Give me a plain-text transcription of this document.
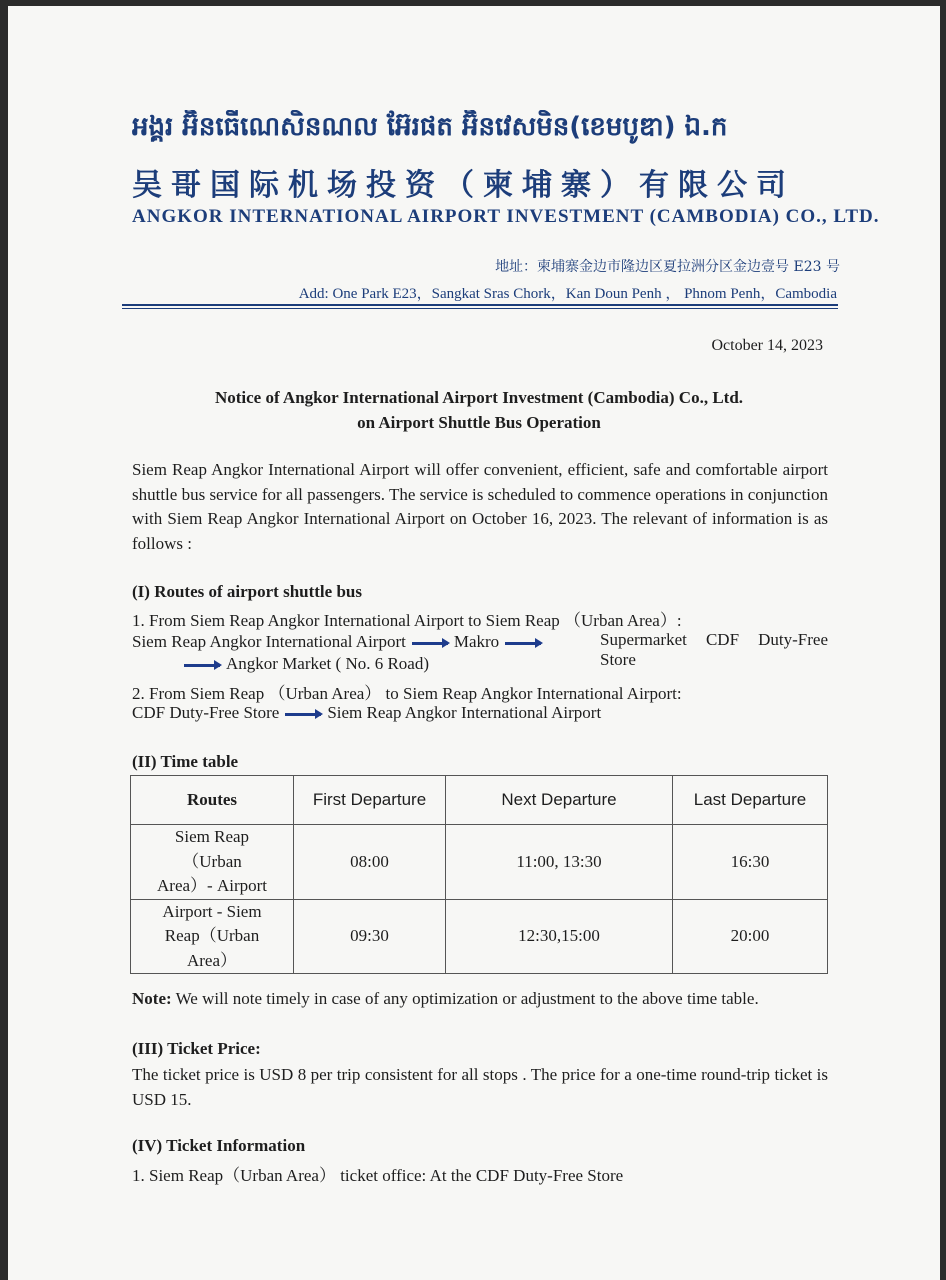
អង្គរ អ៊ិនធើណេសិនណល អ៊ែរផត អ៊ិនវេសមិន(ខេមបូឌា) ឯ.ក
吴哥国际机场投资（柬埔寨）有限公司
ANGKOR INTERNATIONAL AIRPORT INVESTMENT (CAMBODIA) CO., LTD.
地址：柬埔寨金边市隆边区夏拉洲分区金边壹号 E23 号
Add: One Park E23，Sangkat Sras Chork，Kan Doun Penh ， Phnom Penh，Cambodia
October 14, 2023
Notice of Angkor International Airport Investment (Cambodia) Co., Ltd.
on Airport Shuttle Bus Operation
Siem Reap Angkor International Airport will offer convenient, efficient, safe and comfortable airport shuttle bus service for all passengers. The service is scheduled to commence operations in conjunction with Siem Reap Angkor International Airport on October 16, 2023. The relevant of information is as follows :
(I) Routes of airport shuttle bus
1. From Siem Reap Angkor International Airport to Siem Reap （Urban Area）:
Siem Reap Angkor International Airport	Makro	Supermarket CDF Duty-Free Store
Angkor Market ( No. 6 Road)
2. From Siem Reap （Urban Area） to Siem Reap Angkor International Airport:
CDF Duty-Free Store	Siem Reap Angkor International Airport
(II) Time table
Routes	First Departure	Next Departure	Last Departure
Siem Reap （Urban Area）- Airport	08:00	11:00, 13:30	16:30
Airport - Siem Reap（Urban Area）	09:30	12:30,15:00	20:00
Note: We will note timely in case of any optimization or adjustment to the above time table.
(III) Ticket Price:
The ticket price is USD 8 per trip consistent for all stops . The price for a one-time round-trip ticket is USD 15.
(IV) Ticket Information
1. Siem Reap（Urban Area） ticket office: At the CDF Duty-Free Store
